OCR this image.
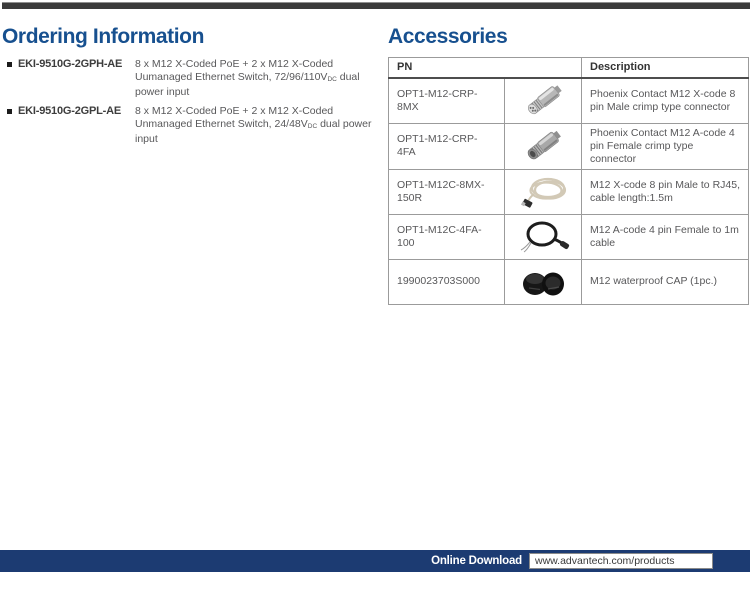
Ordering Information
EKI-9510G-2GPH-AE	8 x M12 X-Coded PoE + 2 x M12 X-Coded Uumanaged Ethernet Switch, $72/96/110V_{DC}$ dual power input
EKI-9510G-2GPL-AE	8 x M12 X-Coded PoE + 2 x M12 X-Coded Unmanaged Ethernet Switch, $24/48V_{DC}$ dual power input
Accessories
PN		Description
OPT1-M12-CRP-8MX		Phoenix Contact M12 X-code 8 pin Male crimp type connector
OPT1-M12-CRP-4FA		Phoenix Contact M12 A-code 4 pin Female crimp type connector
OPT1-M12C-8MX-150R		M12 X-code 8 pin Male to RJ45, cable length:1.5m
OPT1-M12C-4FA-100		M12 A-code 4 pin Female to 1m cable
1990023703S000		M12 waterproof CAP (1pc.)
Online Download www.advantech.com/products
